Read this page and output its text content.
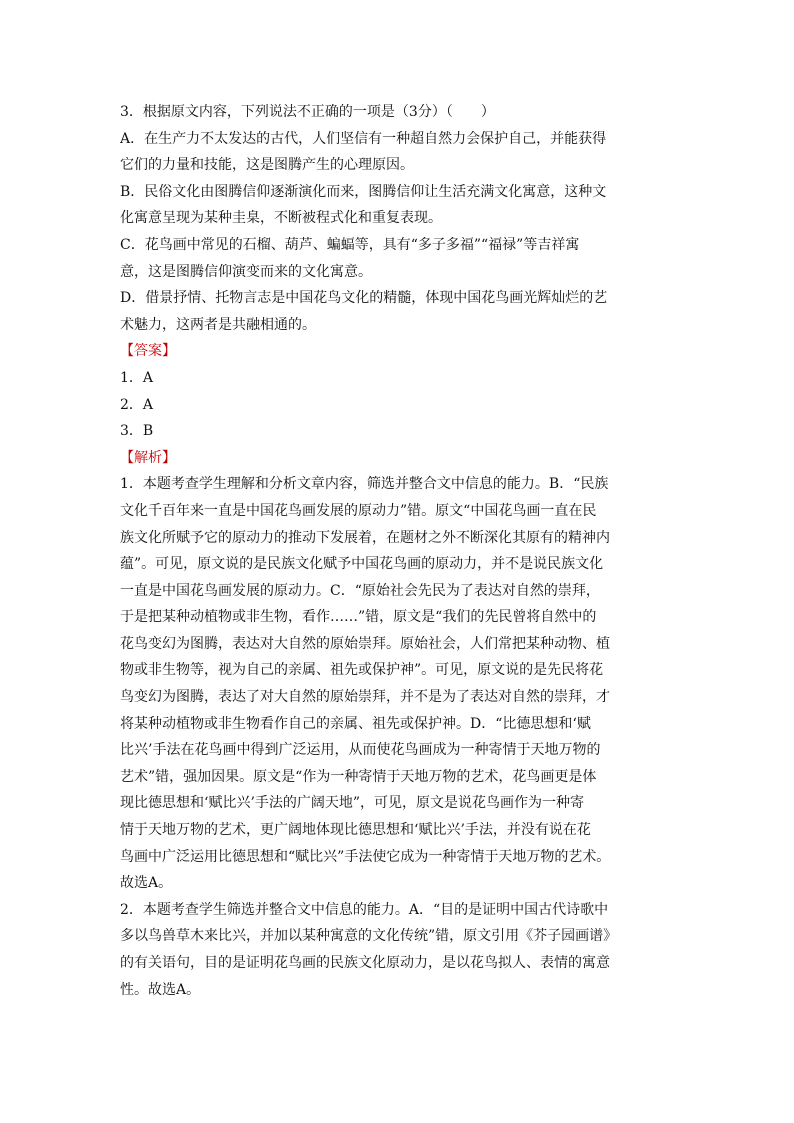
3．根据原文内容，下列说法不正确的一项是（3分）（　　）
A．在生产力不太发达的古代，人们坚信有一种超自然力会保护自己，并能获得
它们的力量和技能，这是图腾产生的心理原因。
B．民俗文化由图腾信仰逐渐演化而来，图腾信仰让生活充满文化寓意，这种文
化寓意呈现为某种圭臬，不断被程式化和重复表现。
C．花鸟画中常见的石榴、葫芦、蝙蝠等，具有“多子多福”“福禄”等吉祥寓
意，这是图腾信仰演变而来的文化寓意。
D．借景抒情、托物言志是中国花鸟文化的精髓，体现中国花鸟画光辉灿烂的艺
术魅力，这两者是共融相通的。
【答案】
1．A
2．A
3．B
【解析】
1．本题考查学生理解和分析文章内容，筛选并整合文中信息的能力。B．“民族
文化千百年来一直是中国花鸟画发展的原动力”错。原文“中国花鸟画一直在民
族文化所赋予它的原动力的推动下发展着，在题材之外不断深化其原有的精神内
蕴”。可见，原文说的是民族文化赋予中国花鸟画的原动力，并不是说民族文化
一直是中国花鸟画发展的原动力。C．“原始社会先民为了表达对自然的崇拜，
于是把某种动植物或非生物，看作……”错，原文是“我们的先民曾将自然中的
花鸟变幻为图腾，表达对大自然的原始崇拜。原始社会，人们常把某种动物、植
物或非生物等，视为自己的亲属、祖先或保护神”。可见，原文说的是先民将花
鸟变幻为图腾，表达了对大自然的原始崇拜，并不是为了表达对自然的崇拜，才
将某种动植物或非生物看作自己的亲属、祖先或保护神。D．“比德思想和‘赋
比兴’手法在花鸟画中得到广泛运用，从而使花鸟画成为一种寄情于天地万物的
艺术”错，强加因果。原文是“作为一种寄情于天地万物的艺术，花鸟画更是体
现比德思想和‘赋比兴’手法的广阔天地”，可见，原文是说花鸟画作为一种寄
情于天地万物的艺术，更广阔地体现比德思想和‘赋比兴’手法，并没有说在花
鸟画中广泛运用比德思想和“赋比兴”手法使它成为一种寄情于天地万物的艺术。
故选A。
2．本题考查学生筛选并整合文中信息的能力。A．“目的是证明中国古代诗歌中
多以鸟兽草木来比兴，并加以某种寓意的文化传统”错，原文引用《芥子园画谱》
的有关语句，目的是证明花鸟画的民族文化原动力，是以花鸟拟人、表情的寓意
性。故选A。
